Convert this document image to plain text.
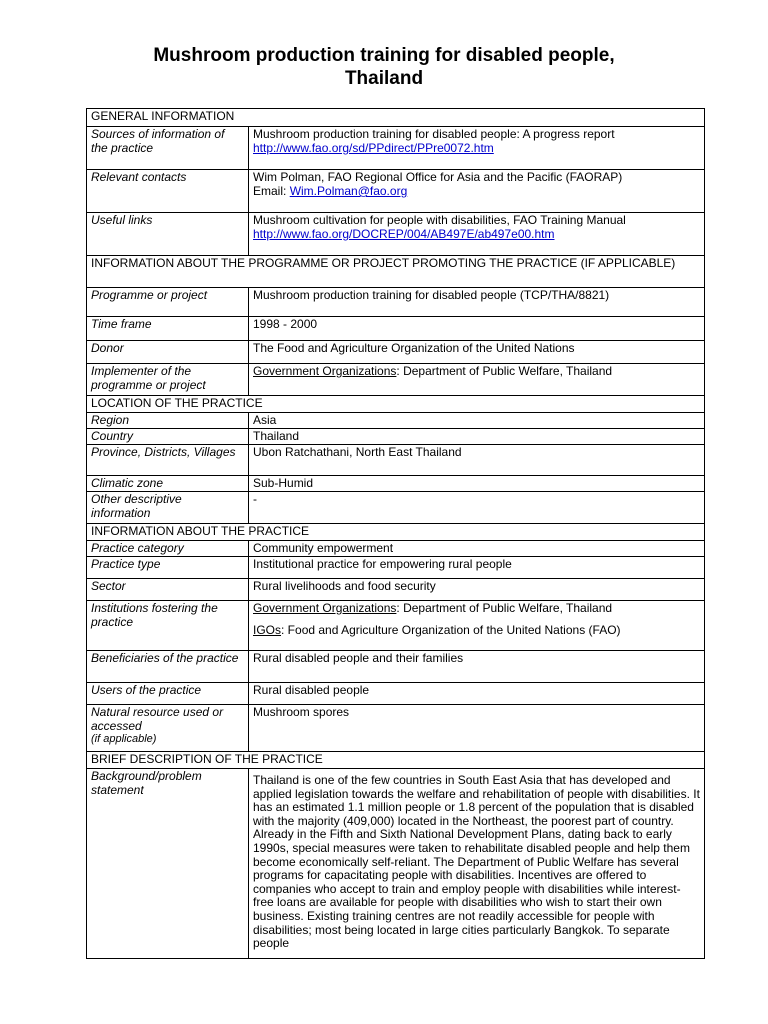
Mushroom production training for disabled people,
Thailand
GENERAL INFORMATION	
Sources of information of the practice	Mushroom production training for disabled people: A progress report
http://www.fao.org/sd/PPdirect/PPre0072.htm

Relevant contacts	Wim Polman, FAO Regional Office for Asia and the Pacific (FAORAP)
Email: Wim.Polman@fao.org

Useful links	Mushroom cultivation for people with disabilities, FAO Training Manual
http://www.fao.org/DOCREP/004/AB497E/ab497e00.htm

INFORMATION ABOUT THE PROGRAMME OR PROJECT PROMOTING THE PRACTICE (IF APPLICABLE)	
Programme or project	Mushroom production training for disabled people (TCP/THA/8821)
Time frame	1998 - 2000
Donor	The Food and Agriculture Organization of the United Nations
Implementer of the programme or project	Government Organizations: Department of Public Welfare, Thailand
LOCATION OF THE PRACTICE	
Region	Asia
Country	Thailand
Province, Districts, Villages	Ubon Ratchathani, North East Thailand
Climatic zone	Sub-Humid
Other descriptive information	-
INFORMATION ABOUT THE PRACTICE	
Practice category	Community empowerment
Practice type	Institutional practice for empowering rural people
Sector	Rural livelihoods and food security
Institutions fostering the practice	Government Organizations: Department of Public Welfare, Thailand
IGOs: Food and Agriculture Organization of the United Nations (FAO)

Beneficiaries of the practice	Rural disabled people and their families
Users of the practice	Rural disabled people

Natural resource used or accessed
(if applicable)	Mushroom spores
BRIEF DESCRIPTION OF THE PRACTICE	
Background/problem statement	Thailand is one of the few countries in South East Asia that has developed and applied legislation towards the welfare and rehabilitation of people with disabilities. It has an estimated 1.1 million people or 1.8 percent of the population that is disabled with the majority (409,000) located in the Northeast, the poorest part of country. Already in the Fifth and Sixth National Development Plans, dating back to early 1990s, special measures were taken to rehabilitate disabled people and help them become economically self-reliant. The Department of Public Welfare has several programs for capacitating people with disabilities. Incentives are offered to companies who accept to train and employ people with disabilities while interest-free loans are available for people with disabilities who wish to start their own business. Existing training centres are not readily accessible for people with disabilities; most being located in large cities particularly Bangkok. To separate people
